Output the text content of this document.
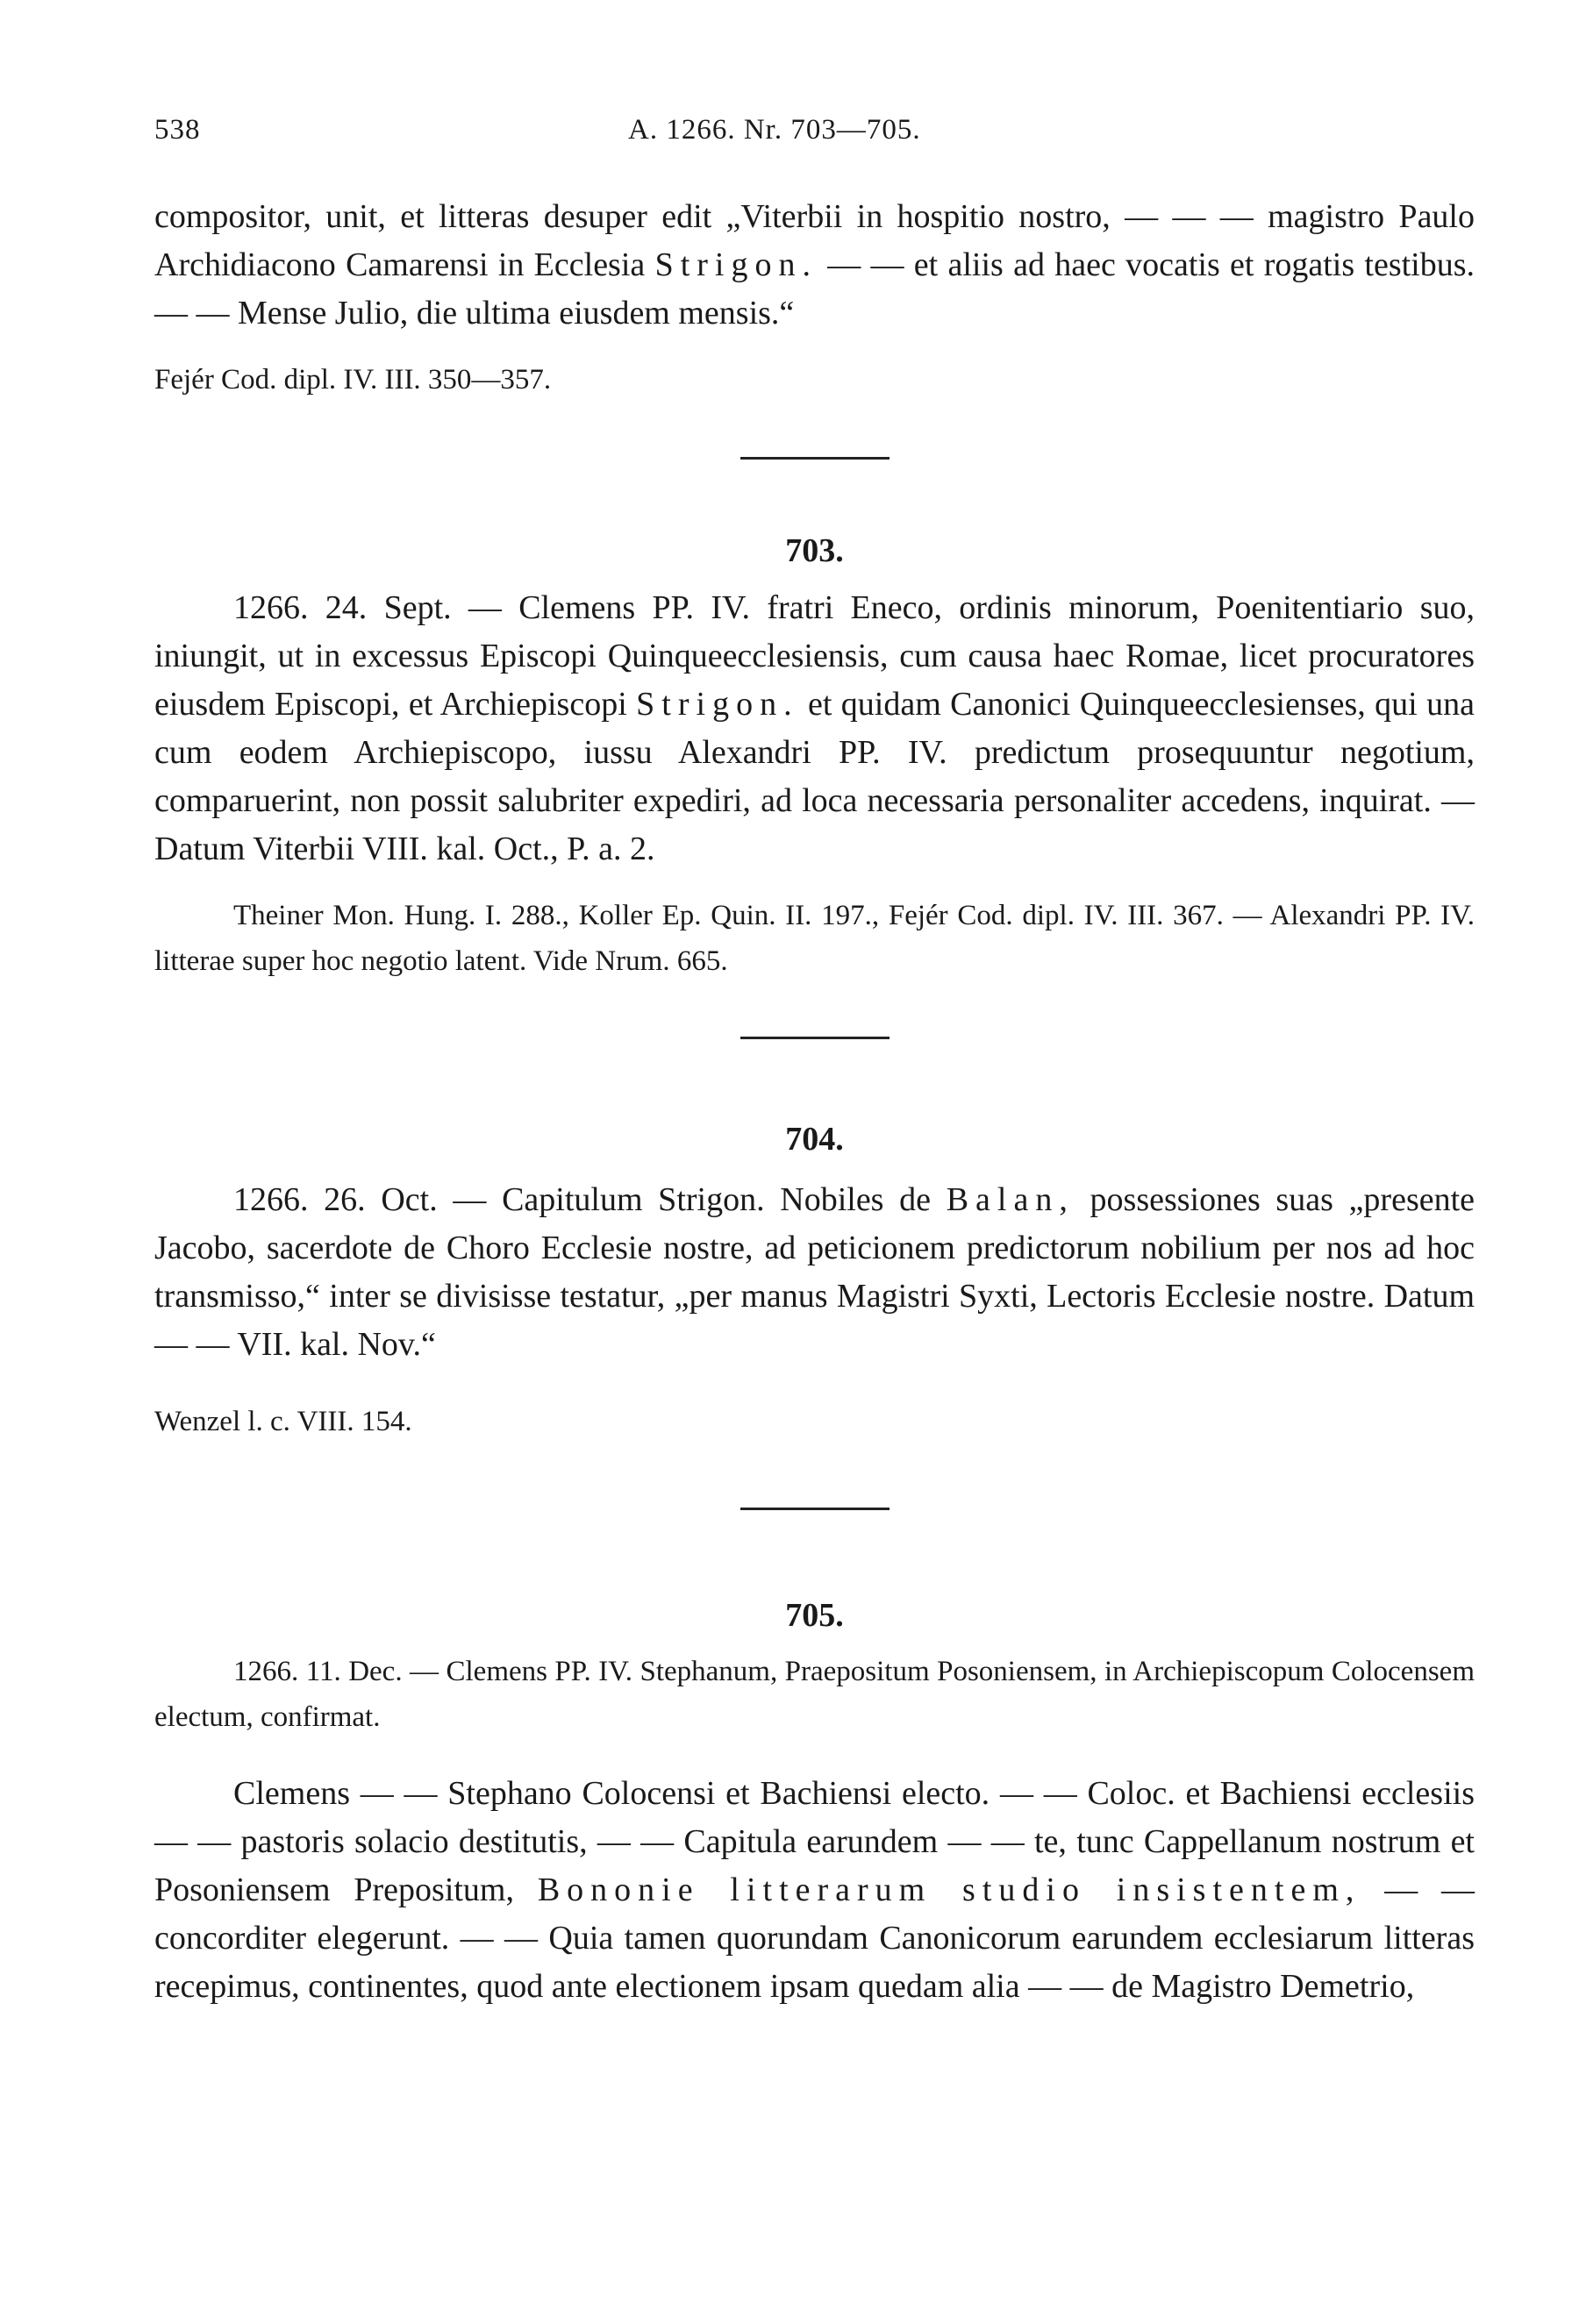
538	A. 1266. Nr. 703—705.

compositor, unit, et litteras desuper edit „Viterbii in hospitio nostro, — — — magistro Paulo Archidiacono Camarensi in Ecclesia Strigon. — — et aliis ad haec vocatis et rogatis testibus. — — Mense Julio, die ultima eiusdem mensis.“

Fejér Cod. dipl. IV. III. 350—357.

703.

1266. 24. Sept. — Clemens PP. IV. fratri Eneco, ordinis minorum, Poenitentiario suo, iniungit, ut in excessus Episcopi Quinqueecclesiensis, cum causa haec Romae, licet procuratores eiusdem Episcopi, et Archiepiscopi Strigon. et quidam Canonici Quinqueecclesienses, qui una cum eodem Archiepiscopo, iussu Alexandri PP. IV. predictum prosequuntur negotium, comparuerint, non possit salubriter expediri, ad loca necessaria personaliter accedens, inquirat. — Datum Viterbii VIII. kal. Oct., P. a. 2.

Theiner Mon. Hung. I. 288., Koller Ep. Quin. II. 197., Fejér Cod. dipl. IV. III. 367. — Alexandri PP. IV. litterae super hoc negotio latent. Vide Nrum. 665.

704.

1266. 26. Oct. — Capitulum Strigon. Nobiles de Balan, possessiones suas „presente Jacobo, sacerdote de Choro Ecclesie nostre, ad peticionem predictorum nobilium per nos ad hoc transmisso,“ inter se divisisse testatur, „per manus Magistri Syxti, Lectoris Ecclesie nostre. Datum — — VII. kal. Nov.“

Wenzel l. c. VIII. 154.

705.

1266. 11. Dec. — Clemens PP. IV. Stephanum, Praepositum Posoniensem, in Archiepiscopum Colocensem electum, confirmat.

Clemens — — Stephano Colocensi et Bachiensi electo. — — Coloc. et Bachiensi ecclesiis — — pastoris solacio destitutis, — — Capitula earundem — — te, tunc Cappellanum nostrum et Posoniensem Prepositum, Bononie litterarum studio insistentem, — — concorditer elegerunt. — — Quia tamen quorundam Canonicorum earundem ecclesiarum litteras recepimus, continentes, quod ante electionem ipsam quedam alia — — de Magistro Demetrio,
